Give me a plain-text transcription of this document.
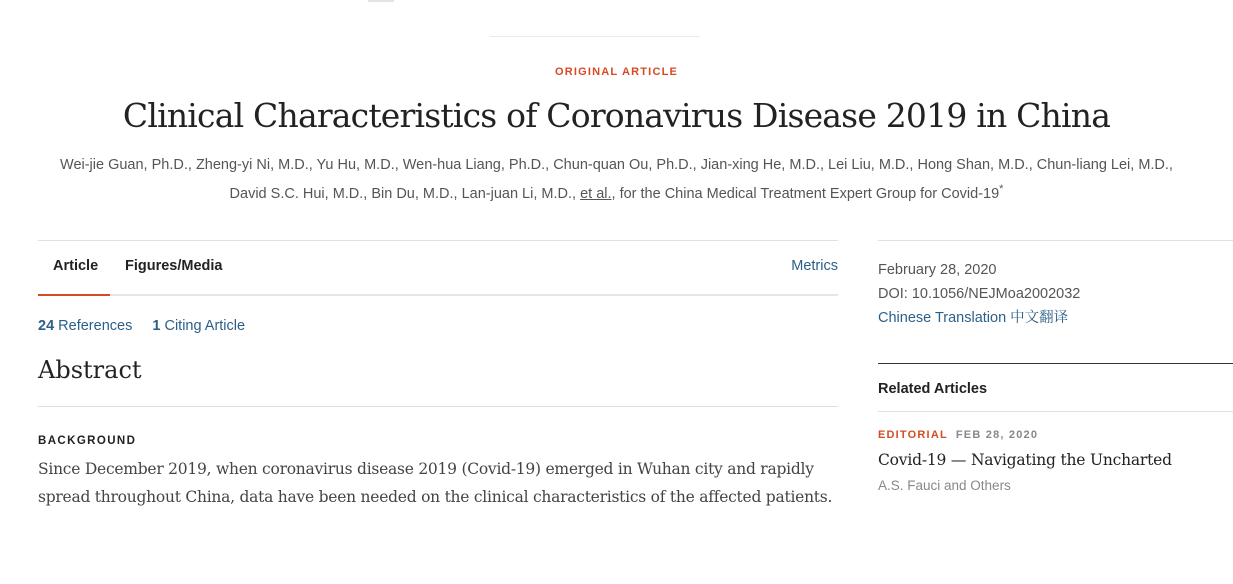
ORIGINAL ARTICLE
Clinical Characteristics of Coronavirus Disease 2019 in China
Wei-jie Guan, Ph.D., Zheng-yi Ni, M.D., Yu Hu, M.D., Wen-hua Liang, Ph.D., Chun-quan Ou, Ph.D., Jian-xing He, M.D., Lei Liu, M.D., Hong Shan, M.D., Chun-liang Lei, M.D.,
David S.C. Hui, M.D., Bin Du, M.D., Lan-juan Li, M.D., et al., for the China Medical Treatment Expert Group for Covid-19*
Article Figures/Media	Metrics
24 References 1 Citing Article
Abstract
BACKGROUND

Since December 2019, when coronavirus disease 2019 (Covid-19) emerged in Wuhan city and rapidly spread throughout China, data have been needed on the clinical characteristics of the affected patients.

February 28, 2020
DOI: 10.1056/NEJMoa2002032
Chinese Translation 中文翻译
Related Articles
EDITORIAL FEB 28, 2020
Covid-19 — Navigating the Uncharted
A.S. Fauci and Others
